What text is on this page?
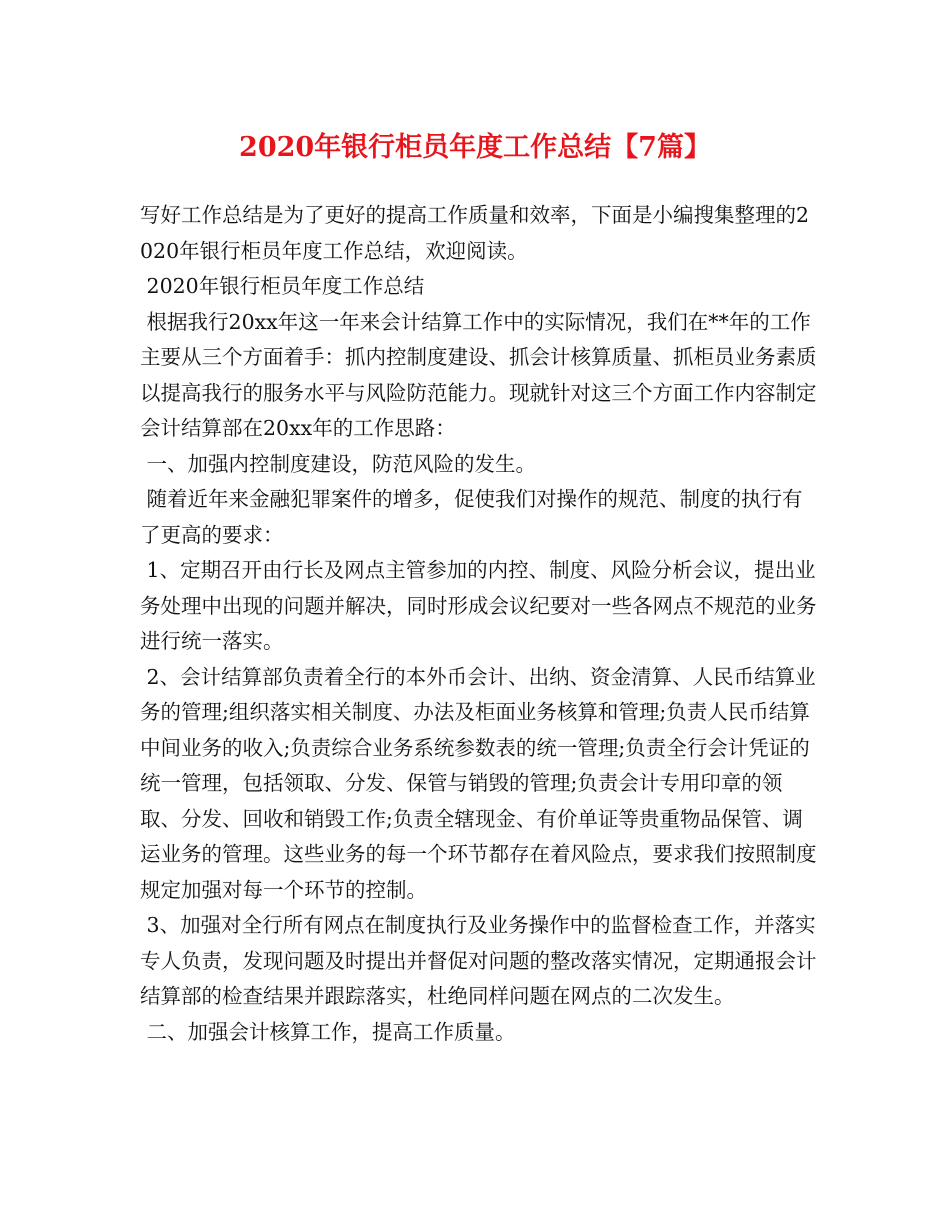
2020年银行柜员年度工作总结【7篇】

写好工作总结是为了更好的提高工作质量和效率，下面是小编搜集整理的2020年银行柜员年度工作总结，欢迎阅读。

2020年银行柜员年度工作总结

根据我行20xx年这一年来会计结算工作中的实际情况，我们在**年的工作主要从三个方面着手：抓内控制度建设、抓会计核算质量、抓柜员业务素质以提高我行的服务水平与风险防范能力。现就针对这三个方面工作内容制定会计结算部在20xx年的工作思路：

一、加强内控制度建设，防范风险的发生。

随着近年来金融犯罪案件的增多，促使我们对操作的规范、制度的执行有了更高的要求：

1、定期召开由行长及网点主管参加的内控、制度、风险分析会议，提出业务处理中出现的问题并解决，同时形成会议纪要对一些各网点不规范的业务进行统一落实。

2、会计结算部负责着全行的本外币会计、出纳、资金清算、人民币结算业务的管理;组织落实相关制度、办法及柜面业务核算和管理;负责人民币结算中间业务的收入;负责综合业务系统参数表的统一管理;负责全行会计凭证的统一管理，包括领取、分发、保管与销毁的管理;负责会计专用印章的领取、分发、回收和销毁工作;负责全辖现金、有价单证等贵重物品保管、调运业务的管理。这些业务的每一个环节都存在着风险点，要求我们按照制度规定加强对每一个环节的控制。

3、加强对全行所有网点在制度执行及业务操作中的监督检查工作，并落实专人负责，发现问题及时提出并督促对问题的整改落实情况，定期通报会计结算部的检查结果并跟踪落实，杜绝同样问题在网点的二次发生。

二、加强会计核算工作，提高工作质量。
